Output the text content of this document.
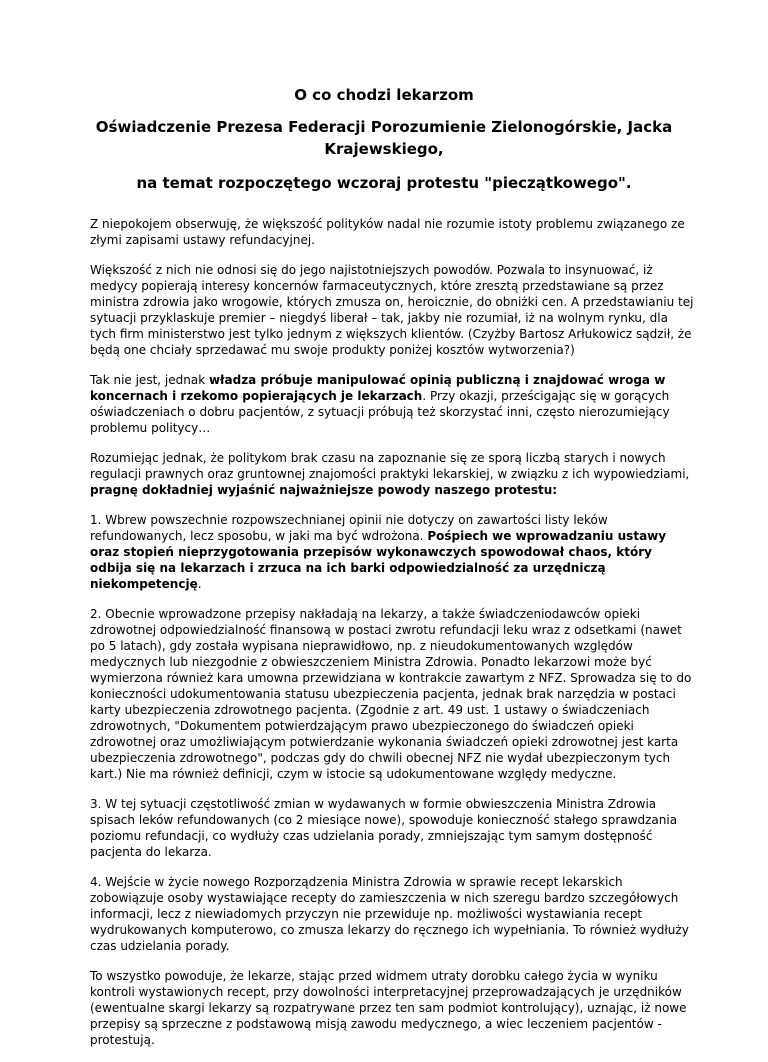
O co chodzi lekarzom
Oświadczenie Prezesa Federacji Porozumienie Zielonogórskie, Jacka Krajewskiego,
na temat rozpoczętego wczoraj protestu "pieczątkowego".

Z niepokojem obserwuję, że większość polityków nadal nie rozumie istoty problemu związanego ze złymi zapisami ustawy refundacyjnej.

Większość z nich nie odnosi się do jego najistotniejszych powodów. Pozwala to insynuować, iż medycy popierają interesy koncernów farmaceutycznych, które zresztą przedstawiane są przez ministra zdrowia jako wrogowie, których zmusza on, heroicznie, do obniżki cen. A przedstawianiu tej sytuacji przyklaskuje premier – niegdyś liberał – tak, jakby nie rozumiał, iż na wolnym rynku, dla tych firm ministerstwo jest tylko jednym z większych klientów. (Czyżby Bartosz Arłukowicz sądził, że będą one chciały sprzedawać mu swoje produkty poniżej kosztów wytworzenia?)

Tak nie jest, jednak władza próbuje manipulować opinią publiczną i znajdować wroga w koncernach i rzekomo popierających je lekarzach. Przy okazji, prześcigając się w gorących oświadczeniach o dobru pacjentów, z sytuacji próbują też skorzystać inni, często nierozumiejący problemu politycy…

Rozumiejąc jednak, że politykom brak czasu na zapoznanie się ze sporą liczbą starych i nowych regulacji prawnych oraz gruntownej znajomości praktyki lekarskiej, w związku z ich wypowiedziami, pragnę dokładniej wyjaśnić najważniejsze powody naszego protestu:

1. Wbrew powszechnie rozpowszechnianej opinii nie dotyczy on zawartości listy leków refundowanych, lecz sposobu, w jaki ma być wdrożona. Pośpiech we wprowadzaniu ustawy oraz stopień nieprzygotowania przepisów wykonawczych spowodował chaos, który odbija się na lekarzach i zrzuca na ich barki odpowiedzialność za urzędniczą niekompetencję.

2. Obecnie wprowadzone przepisy nakładają na lekarzy, a także świadczeniodawców opieki zdrowotnej odpowiedzialność finansową w postaci zwrotu refundacji leku wraz z odsetkami (nawet po 5 latach), gdy została wypisana nieprawidłowo, np. z nieudokumentowanych względów medycznych lub niezgodnie z obwieszczeniem Ministra Zdrowia. Ponadto lekarzowi może być wymierzona również kara umowna przewidziana w kontrakcie zawartym z NFZ. Sprowadza się to do konieczności udokumentowania statusu ubezpieczenia pacjenta, jednak brak narzędzia w postaci karty ubezpieczenia zdrowotnego pacjenta. (Zgodnie z art. 49 ust. 1 ustawy o świadczeniach zdrowotnych, "Dokumentem potwierdzającym prawo ubezpieczonego do świadczeń opieki zdrowotnej oraz umożliwiającym potwierdzanie wykonania świadczeń opieki zdrowotnej jest karta ubezpieczenia zdrowotnego", podczas gdy do chwili obecnej NFZ nie wydał ubezpieczonym tych kart.) Nie ma również definicji, czym w istocie są udokumentowane względy medyczne.

3. W tej sytuacji częstotliwość zmian w wydawanych w formie obwieszczenia Ministra Zdrowia spisach leków refundowanych (co 2 miesiące nowe), spowoduje konieczność stałego sprawdzania poziomu refundacji, co wydłuży czas udzielania porady, zmniejszając tym samym dostępność pacjenta do lekarza.

4. Wejście w życie nowego Rozporządzenia Ministra Zdrowia w sprawie recept lekarskich zobowiązuje osoby wystawiające recepty do zamieszczenia w nich szeregu bardzo szczegółowych informacji, lecz z niewiadomych przyczyn nie przewiduje np. możliwości wystawiania recept wydrukowanych komputerowo, co zmusza lekarzy do ręcznego ich wypełniania. To również wydłuży czas udzielania porady.

To wszystko powoduje, że lekarze, stając przed widmem utraty dorobku całego życia w wyniku kontroli wystawionych recept, przy dowolności interpretacyjnej przeprowadzających je urzędników (ewentualne skargi lekarzy są rozpatrywane przez ten sam podmiot kontrolujący), uznając, iż nowe przepisy są sprzeczne z podstawową misją zawodu medycznego, a wiec leczeniem pacjentów - protestują.
